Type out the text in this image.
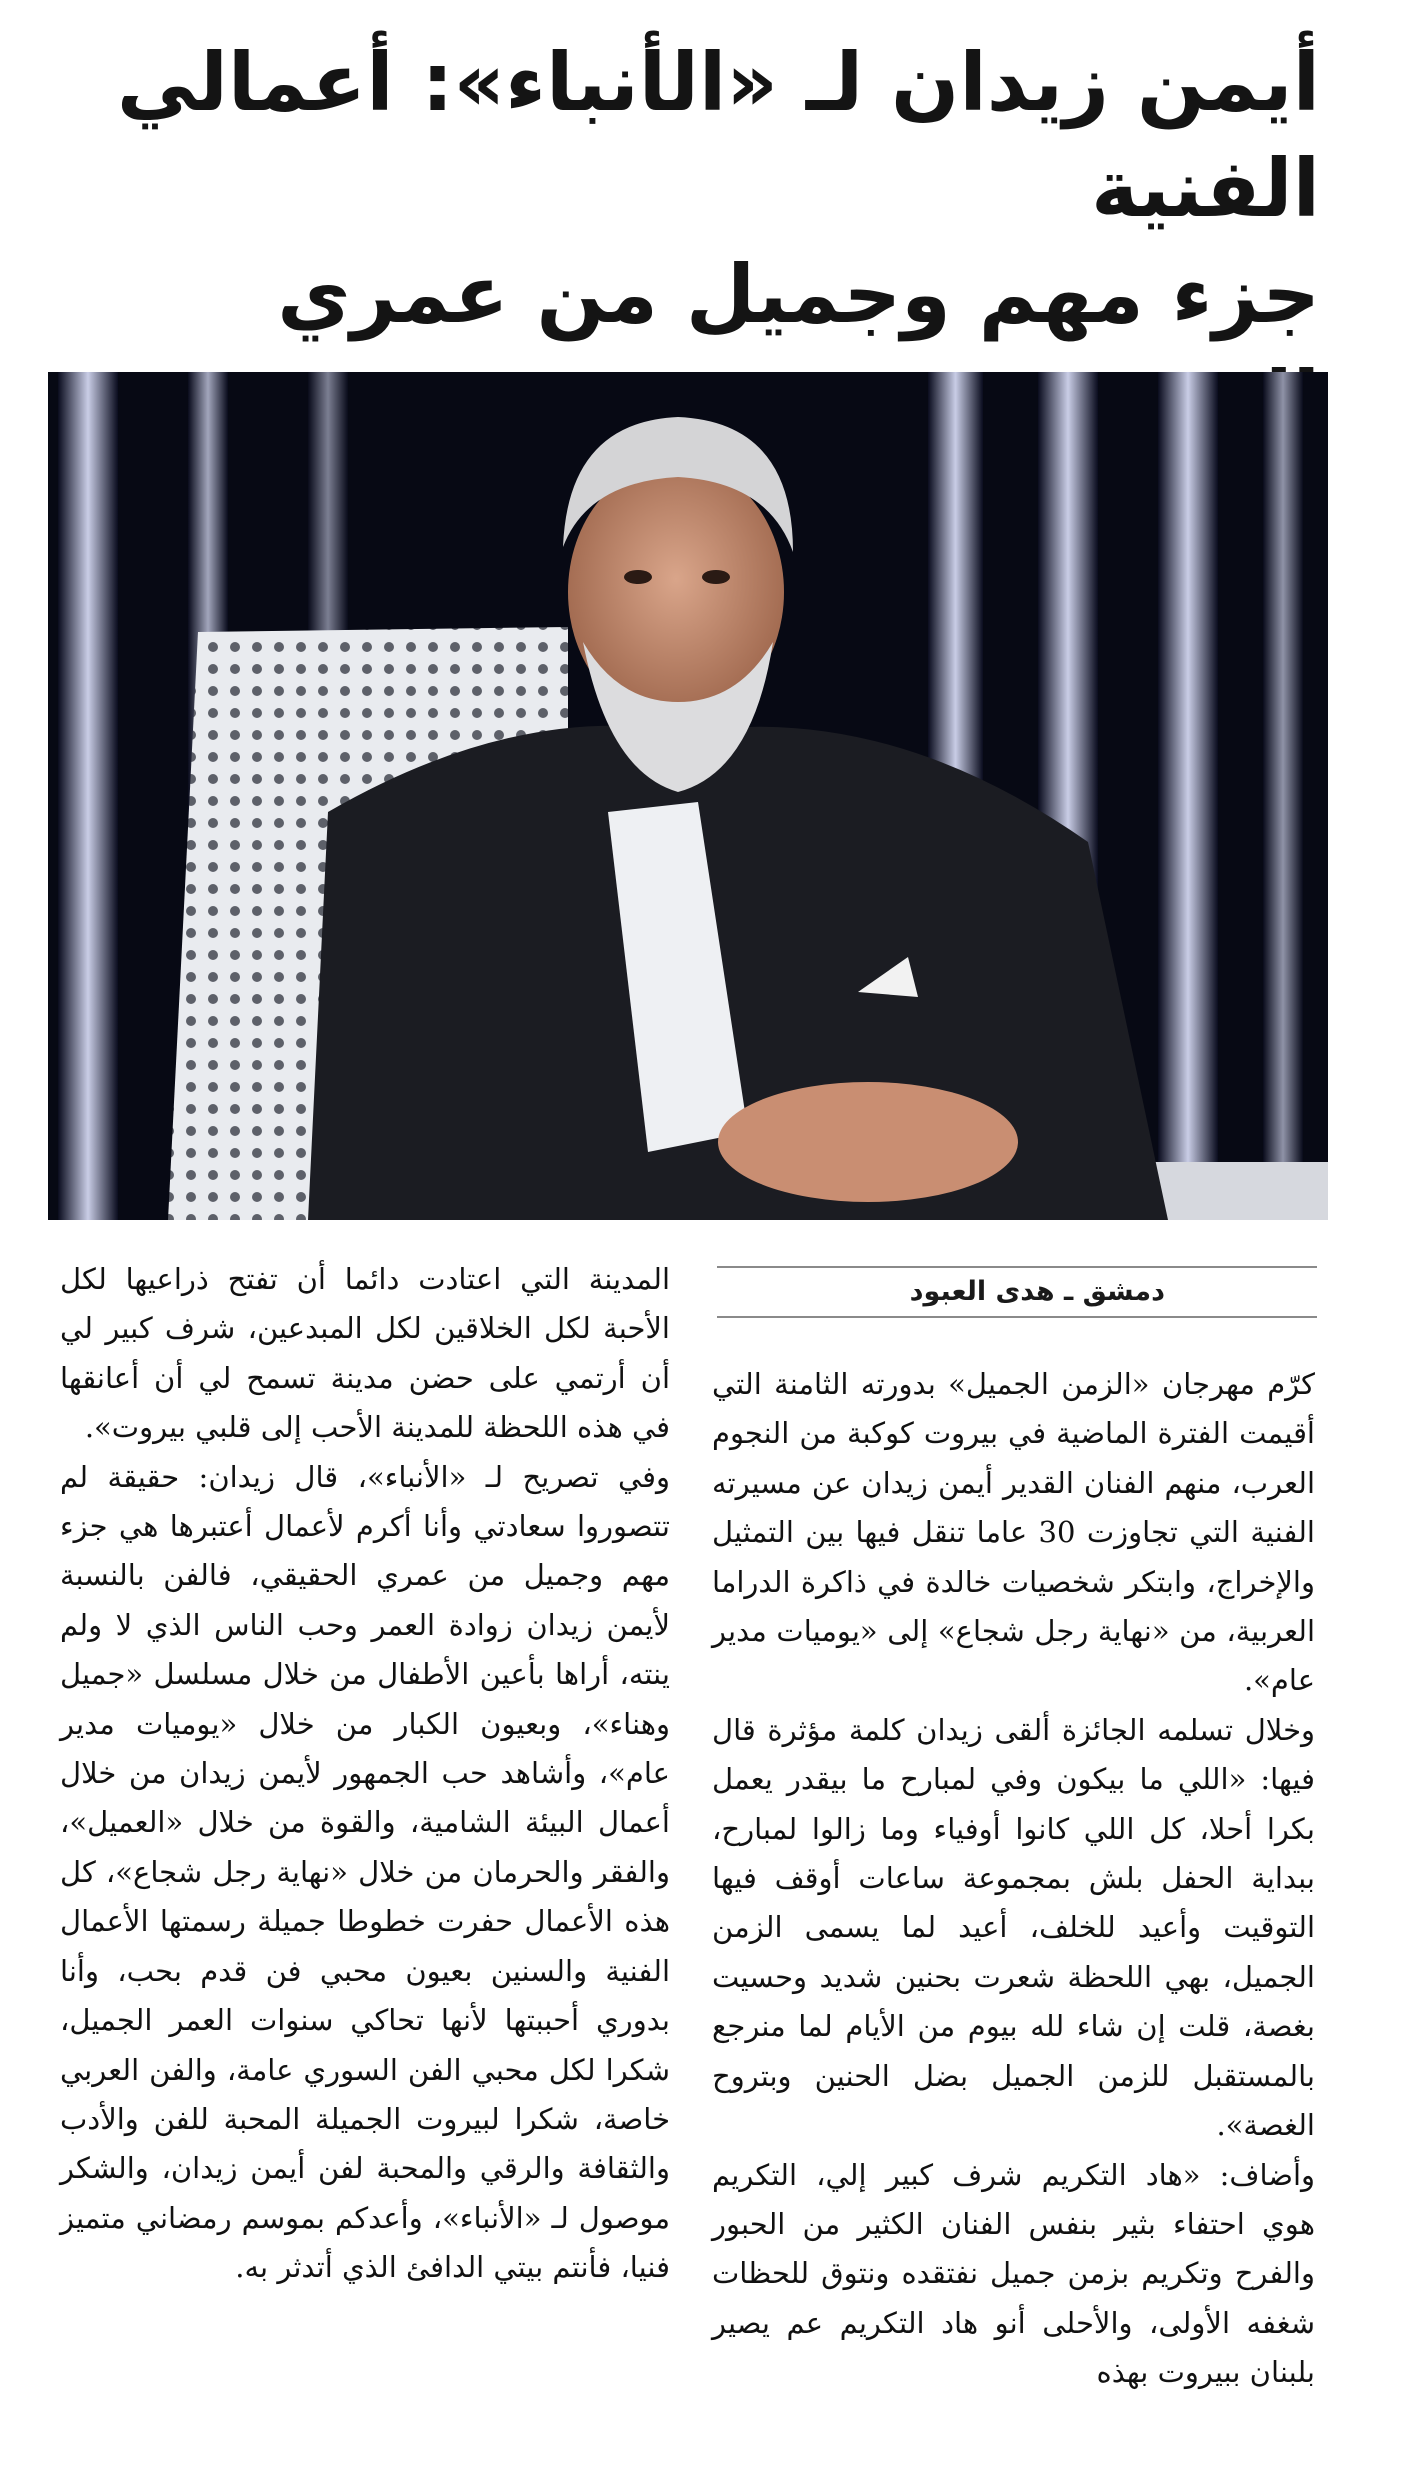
أيمن زيدان لـ «الأنباء»: أعمالي الفنية
جزء مهم وجميل من عمري
دمشق ـ هدى العبود

كرّم مهرجان «الزمن الجميل» بدورته الثامنة التي أقيمت الفترة الماضية في بيروت كوكبة من النجوم العرب، منهم الفنان القدير أيمن زيدان عن مسيرته الفنية التي تجاوزت 30 عاما تنقل فيها بين التمثيل والإخراج، وابتكر شخصيات خالدة في ذاكرة الدراما العربية، من «نهاية رجل شجاع» إلى «يوميات مدير عام».

وخلال تسلمه الجائزة ألقى زيدان كلمة مؤثرة قال فيها: «اللي ما بيكون وفي لمبارح ما بيقدر يعمل بكرا أحلا، كل اللي كانوا أوفياء وما زالوا لمبارح، ببداية الحفل بلش بمجموعة ساعات أوقف فيها التوقيت وأعيد للخلف، أعيد لما يسمى الزمن الجميل، بهي اللحظة شعرت بحنين شديد وحسيت بغصة، قلت إن شاء لله بيوم من الأيام لما منرجع بالمستقبل للزمن الجميل بضل الحنين وبتروح الغصة».

وأضاف: «هاد التكريم شرف كبير إلي، التكريم هوي احتفاء بثير بنفس الفنان الكثير من الحبور والفرح وتكريم بزمن جميل نفتقده ونتوق للحظات شغفه الأولى، والأحلى أنو هاد التكريم عم يصير بلبنان ببيروت بهذه

المدينة التي اعتادت دائما أن تفتح ذراعيها لكل الأحبة لكل الخلاقين لكل المبدعين، شرف كبير لي أن أرتمي على حضن مدينة تسمح لي أن أعانقها في هذه اللحظة للمدينة الأحب إلى قلبي بيروت».

وفي تصريح لـ «الأنباء»، قال زيدان: حقيقة لم تتصوروا سعادتي وأنا أكرم لأعمال أعتبرها هي جزء مهم وجميل من عمري الحقيقي، فالفن بالنسبة لأيمن زيدان زوادة العمر وحب الناس الذي لا ولم ينته، أراها بأعين الأطفال من خلال مسلسل «جميل وهناء»، وبعيون الكبار من خلال «يوميات مدير عام»، وأشاهد حب الجمهور لأيمن زيدان من خلال أعمال البيئة الشامية، والقوة من خلال «العميل»، والفقر والحرمان من خلال «نهاية رجل شجاع»، كل هذه الأعمال حفرت خطوطا جميلة رسمتها الأعمال الفنية والسنين بعيون محبي فن قدم بحب، وأنا بدوري أحببتها لأنها تحاكي سنوات العمر الجميل، شكرا لكل محبي الفن السوري عامة، والفن العربي خاصة، شكرا لبيروت الجميلة المحبة للفن والأدب والثقافة والرقي والمحبة لفن أيمن زيدان، والشكر موصول لـ «الأنباء»، وأعدكم بموسم رمضاني متميز فنيا، فأنتم بيتي الدافئ الذي أتدثر به.
